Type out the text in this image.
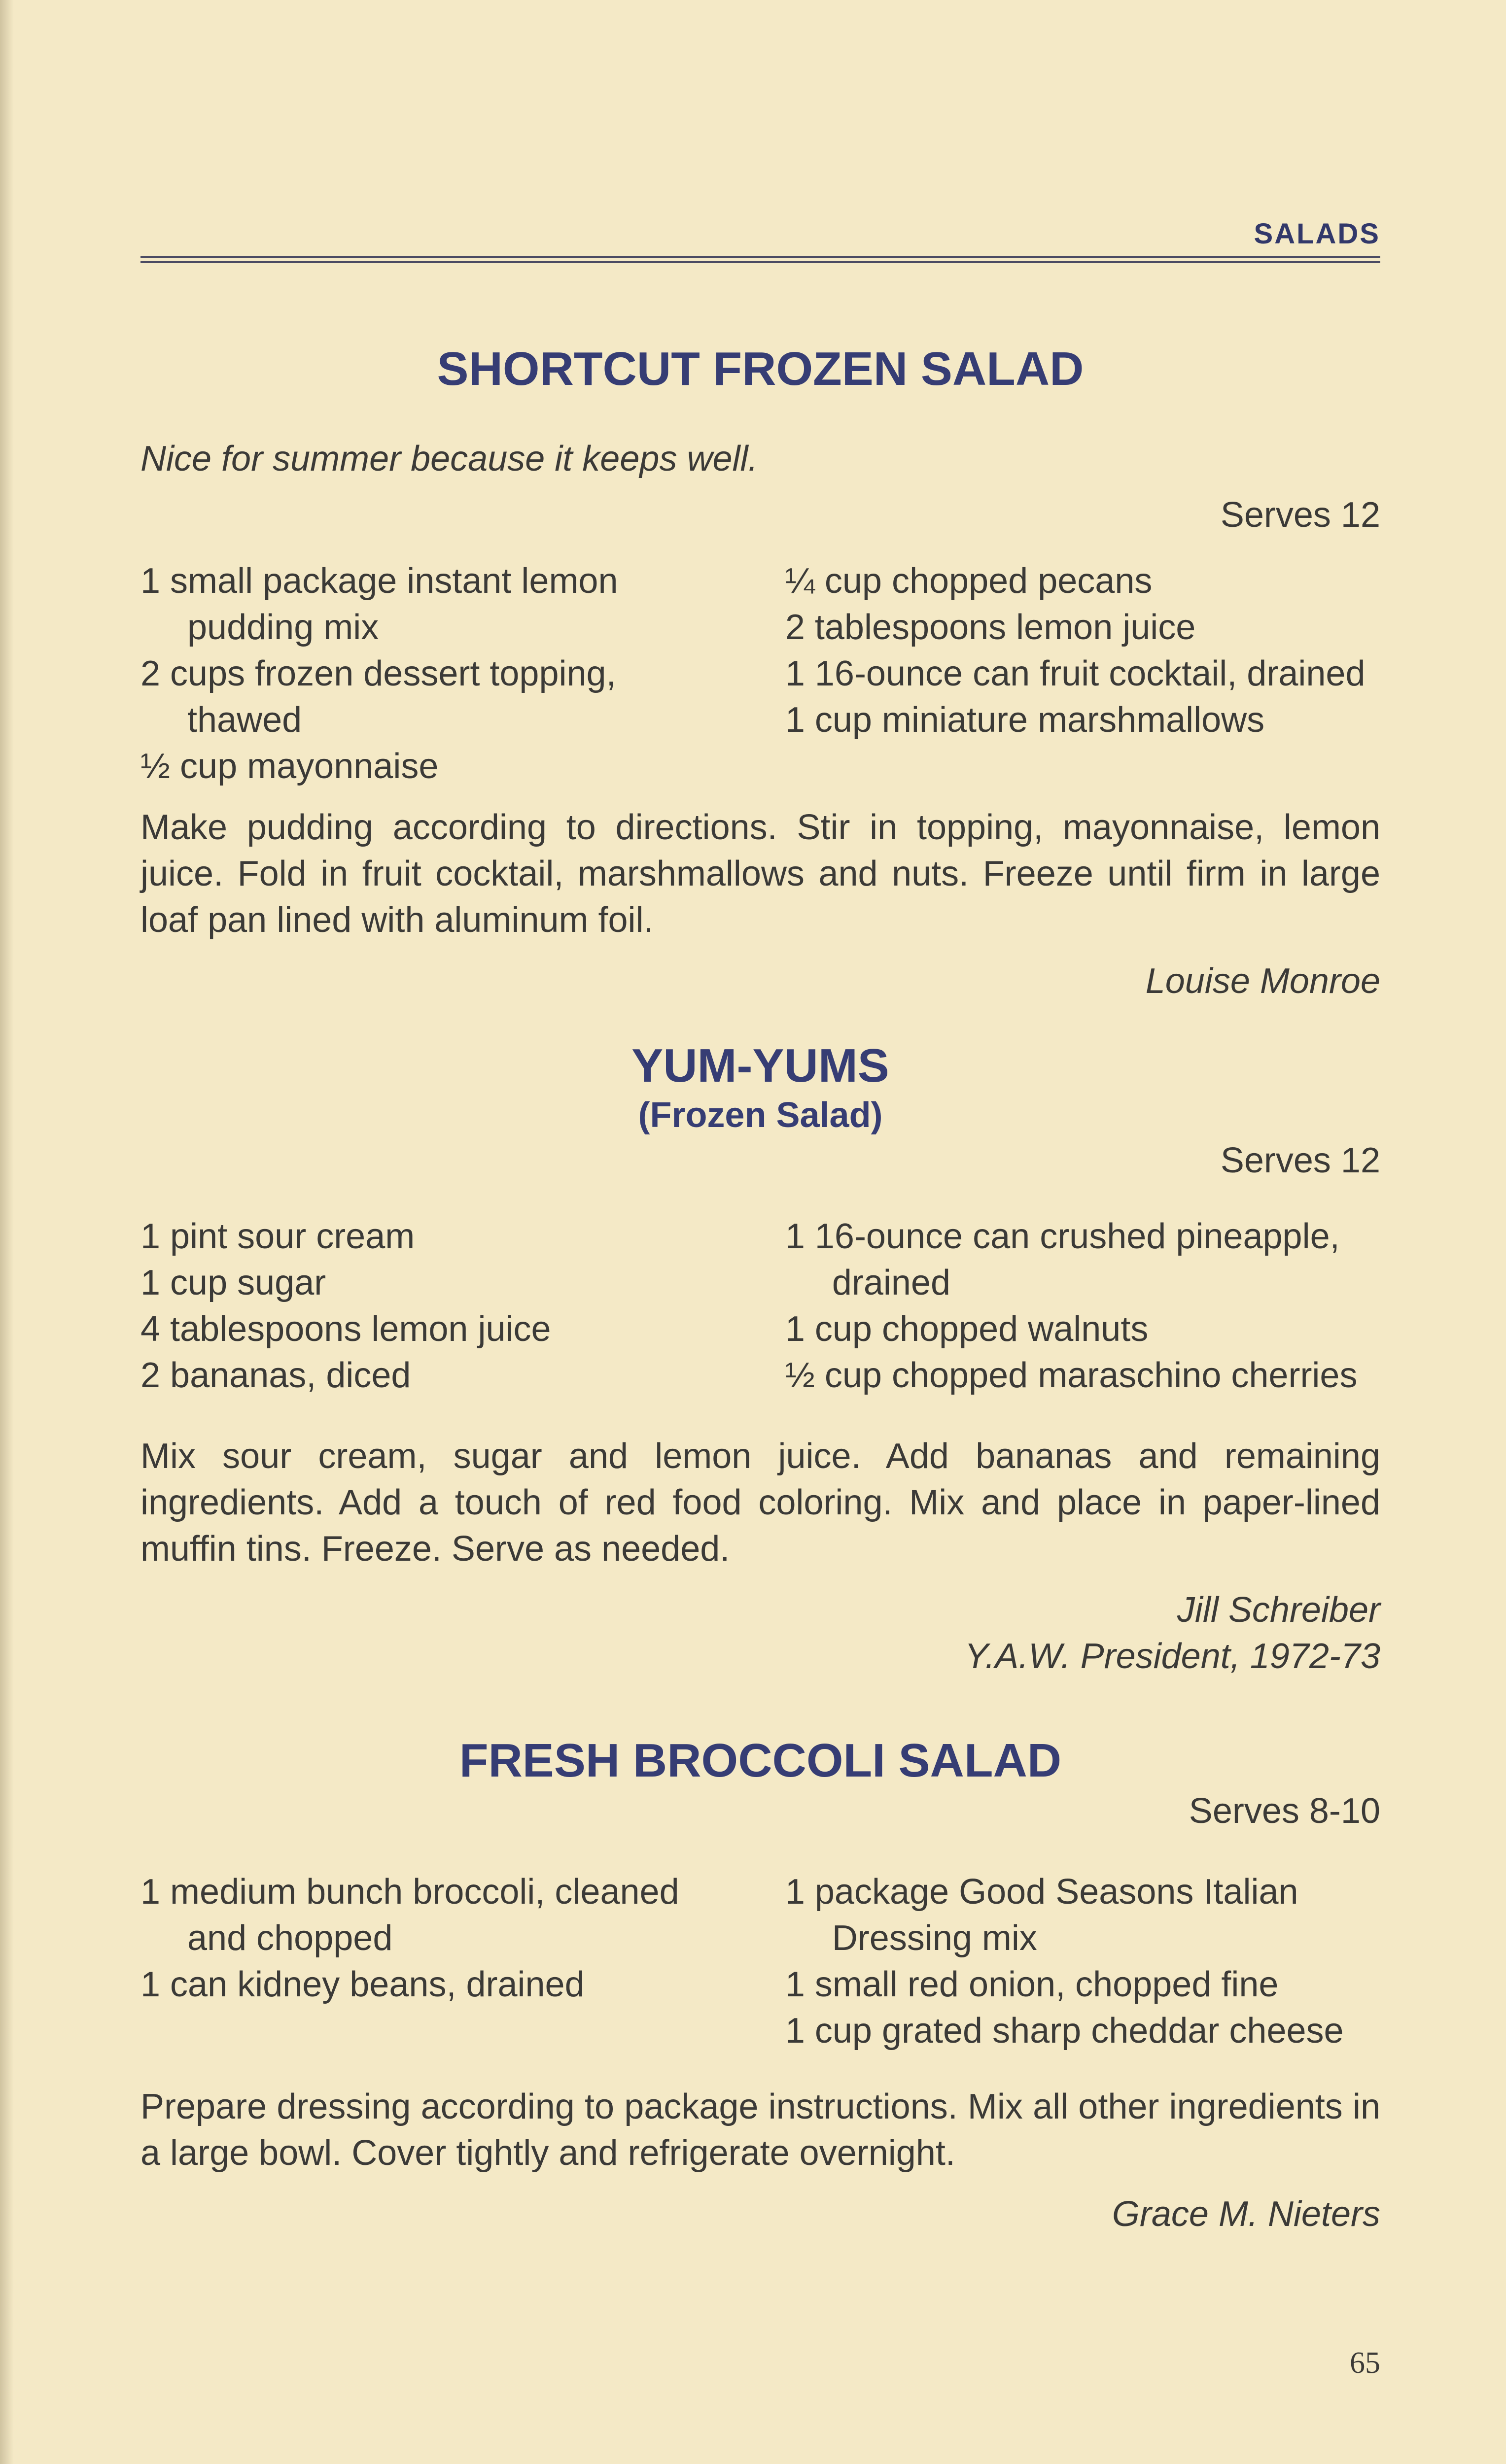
SALADS
SHORTCUT FROZEN SALAD

Nice for summer because it keeps well.

Serves 12

1 small package instant lemon pudding mix
2 cups frozen dessert topping, thawed
½ cup mayonnaise
¼ cup chopped pecans
2 tablespoons lemon juice
1 16-ounce can fruit cocktail, drained
1 cup miniature marshmallows

Make pudding according to directions. Stir in topping, mayonnaise, lemon juice. Fold in fruit cocktail, marshmallows and nuts. Freeze until firm in large loaf pan lined with aluminum foil.

Louise Monroe

YUM-YUMS

(Frozen Salad)

Serves 12

1 pint sour cream
1 cup sugar
4 tablespoons lemon juice
2 bananas, diced
1 16-ounce can crushed pineapple, drained
1 cup chopped walnuts
½ cup chopped maraschino cherries

Mix sour cream, sugar and lemon juice. Add bananas and remaining ingredients. Add a touch of red food coloring. Mix and place in paper-lined muffin tins. Freeze. Serve as needed.

Jill Schreiber

Y.A.W. President, 1972-73

FRESH BROCCOLI SALAD

Serves 8-10

1 medium bunch broccoli, cleaned and chopped
1 can kidney beans, drained
1 package Good Seasons Italian Dressing mix
1 small red onion, chopped fine
1 cup grated sharp cheddar cheese

Prepare dressing according to package instructions. Mix all other ingredients in a large bowl. Cover tightly and refrigerate overnight.

Grace M. Nieters

65
